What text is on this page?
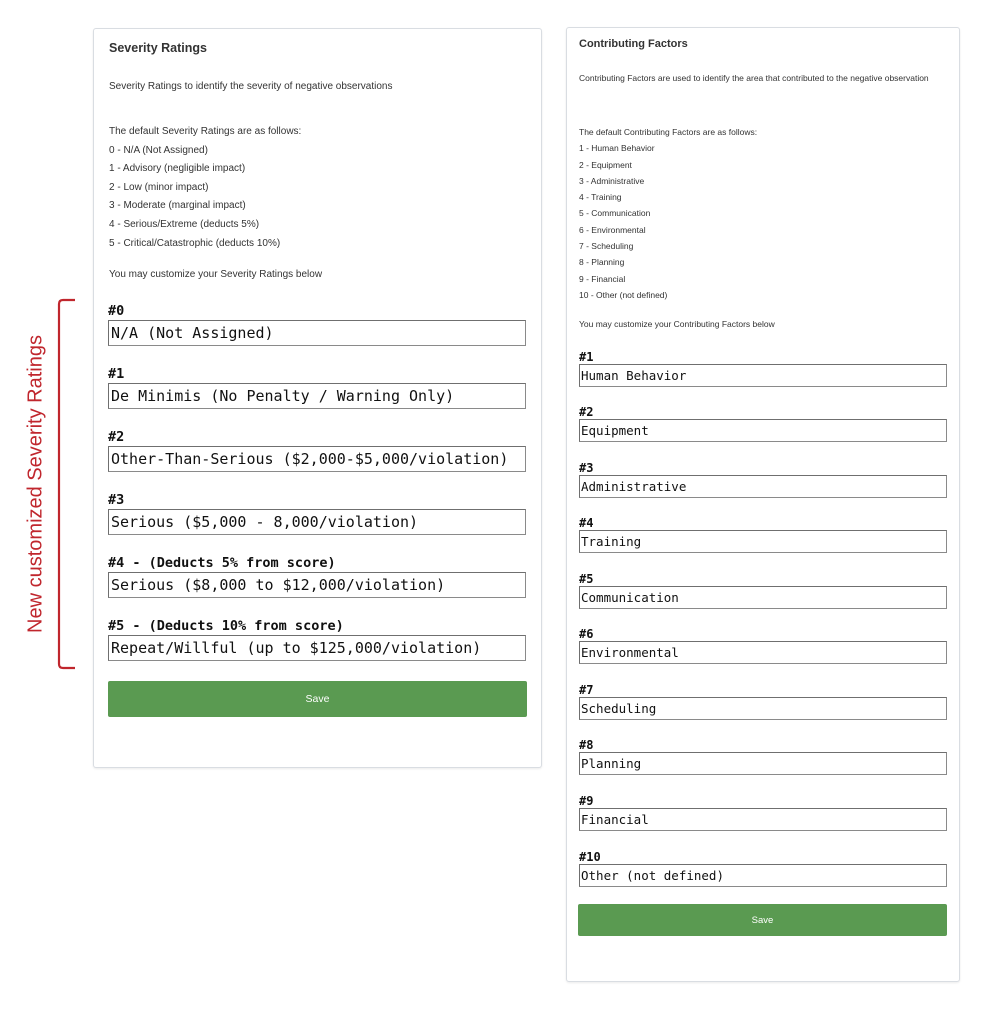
Severity Ratings

Severity Ratings to identify the severity of negative observations

The default Severity Ratings are as follows:
0 - N/A (Not Assigned)
1 - Advisory (negligible impact)
2 - Low (minor impact)
3 - Moderate (marginal impact)
4 - Serious/Extreme (deducts 5%)
5 - Critical/Catastrophic (deducts 10%)

You may customize your Severity Ratings below

#0
N/A (Not Assigned)
#1
De Minimis (No Penalty / Warning Only)
#2
Other-Than-Serious ($2,000-$5,000/violation)
#3
Serious ($5,000 - 8,000/violation)
#4 - (Deducts 5% from score)
Serious ($8,000 to $12,000/violation)
#5 - (Deducts 10% from score)
Repeat/Willful (up to $125,000/violation)
Save
Contributing Factors

Contributing Factors are used to identify the area that contributed to the negative observation

The default Contributing Factors are as follows:
1 - Human Behavior
2 - Equipment
3 - Administrative
4 - Training
5 - Communication
6 - Environmental
7 - Scheduling
8 - Planning
9 - Financial
10 - Other (not defined)

You may customize your Contributing Factors below

#1
Human Behavior
#2
Equipment
#3
Administrative
#4
Training
#5
Communication
#6
Environmental
#7
Scheduling
#8
Planning
#9
Financial
#10
Other (not defined)
Save
New customized Severity Ratings
